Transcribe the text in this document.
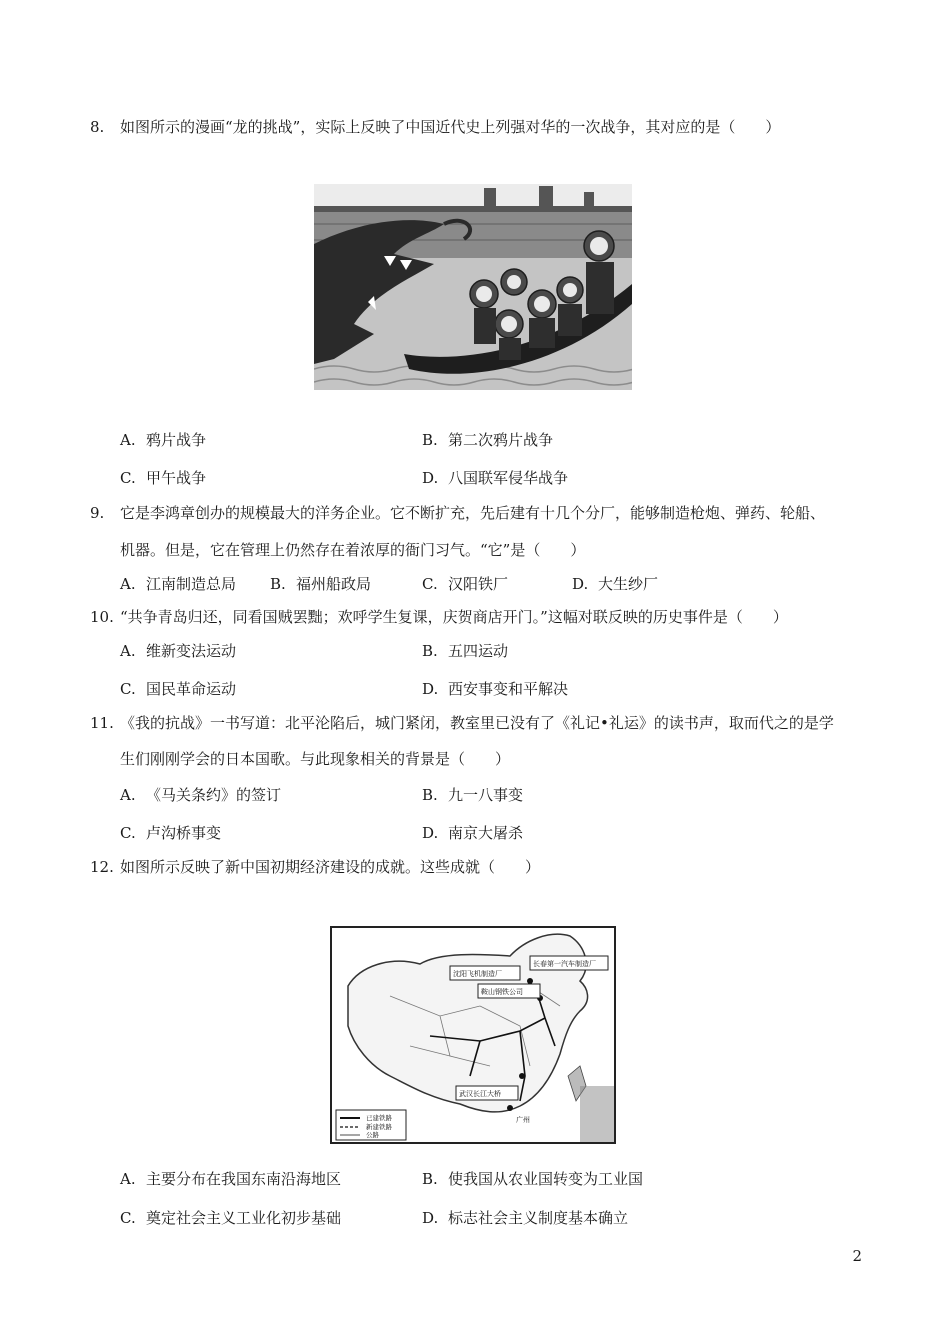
8. 如图所示的漫画“龙的挑战”，实际上反映了中国近代史上列强对华的一次战争，其对应的是（　　）
A. 鸦片战争	B. 第二次鸦片战争
C. 甲午战争	D. 八国联军侵华战争
9. 它是李鸿章创办的规模最大的洋务企业。它不断扩充，先后建有十几个分厂，能够制造枪炮、弹药、轮船、
机器。但是，它在管理上仍然存在着浓厚的衙门习气。“它”是（　　）
A. 江南制造总局 B. 福州船政局	C. 汉阳铁厂	D. 大生纱厂
10. “共争青岛归还，同看国贼罢黜；欢呼学生复课，庆贺商店开门。”这幅对联反映的历史事件是（　　）
A. 维新变法运动	B. 五四运动
C. 国民革命运动	D. 西安事变和平解决
11. 《我的抗战》一书写道：北平沦陷后，城门紧闭，教室里已没有了《礼记•礼运》的读书声，取而代之的是学
生们刚刚学会的日本国歌。与此现象相关的背景是（　　）
A. 《马关条约》的签订	B. 九一八事变
C. 卢沟桥事变	D. 南京大屠杀
12. 如图所示反映了新中国初期经济建设的成就。这些成就（　　）
沈阳飞机制造厂
长春第一汽车制造厂
鞍山钢铁公司
武汉长江大桥
广州
已建铁路
新建铁路
公路
A. 主要分布在我国东南沿海地区	B. 使我国从农业国转变为工业国
C. 奠定社会主义工业化初步基础	D. 标志社会主义制度基本确立
2
